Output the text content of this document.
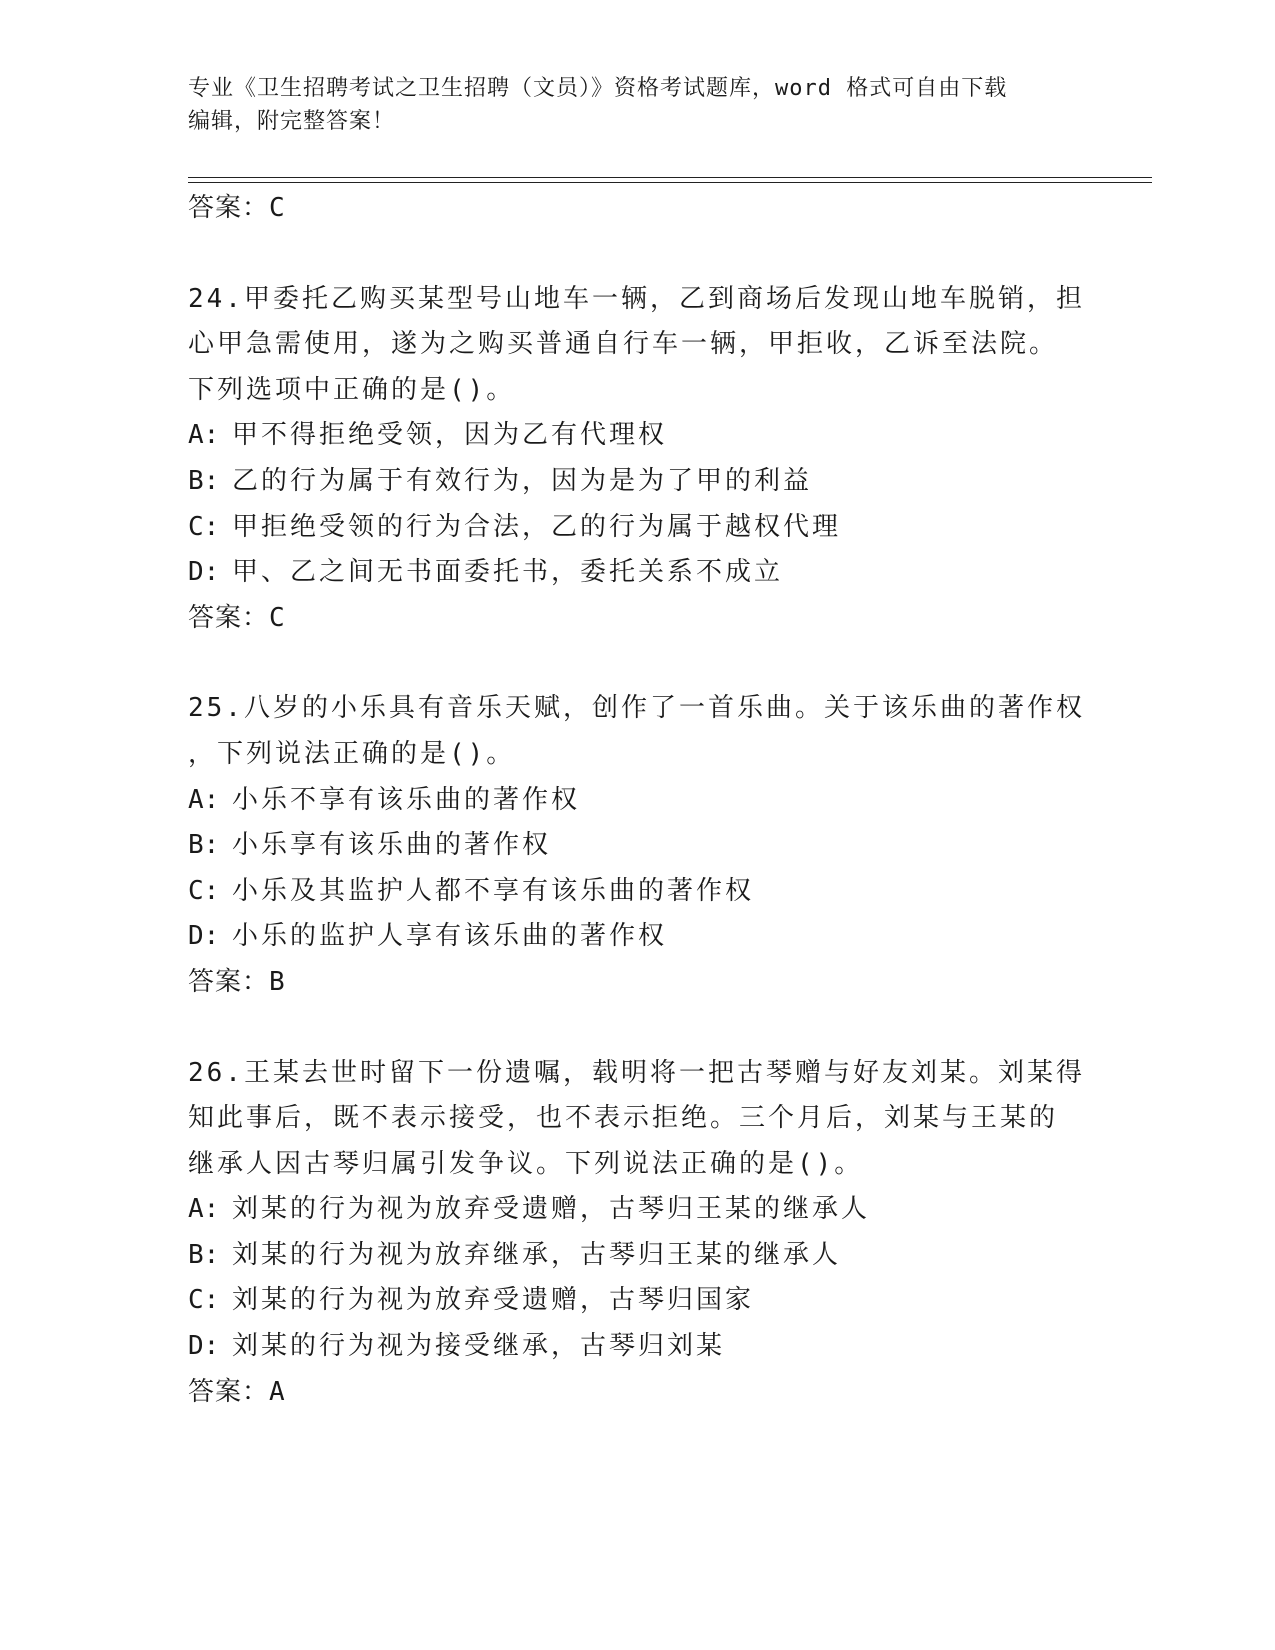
专业《卫生招聘考试之卫生招聘（文员）》资格考试题库，word 格式可自由下载
编辑，附完整答案！
答案：C
24.甲委托乙购买某型号山地车一辆，乙到商场后发现山地车脱销，担
心甲急需使用，遂为之购买普通自行车一辆，甲拒收，乙诉至法院。
下列选项中正确的是()。
A: 甲不得拒绝受领，因为乙有代理权
B: 乙的行为属于有效行为，因为是为了甲的利益
C: 甲拒绝受领的行为合法，乙的行为属于越权代理
D: 甲、乙之间无书面委托书，委托关系不成立
答案：C
25.八岁的小乐具有音乐天赋，创作了一首乐曲。关于该乐曲的著作权
，下列说法正确的是()。
A: 小乐不享有该乐曲的著作权
B: 小乐享有该乐曲的著作权
C: 小乐及其监护人都不享有该乐曲的著作权
D: 小乐的监护人享有该乐曲的著作权
答案：B
26.王某去世时留下一份遗嘱，载明将一把古琴赠与好友刘某。刘某得
知此事后，既不表示接受，也不表示拒绝。三个月后，刘某与王某的
继承人因古琴归属引发争议。下列说法正确的是()。
A: 刘某的行为视为放弃受遗赠，古琴归王某的继承人
B: 刘某的行为视为放弃继承，古琴归王某的继承人
C: 刘某的行为视为放弃受遗赠，古琴归国家
D: 刘某的行为视为接受继承，古琴归刘某
答案：A
